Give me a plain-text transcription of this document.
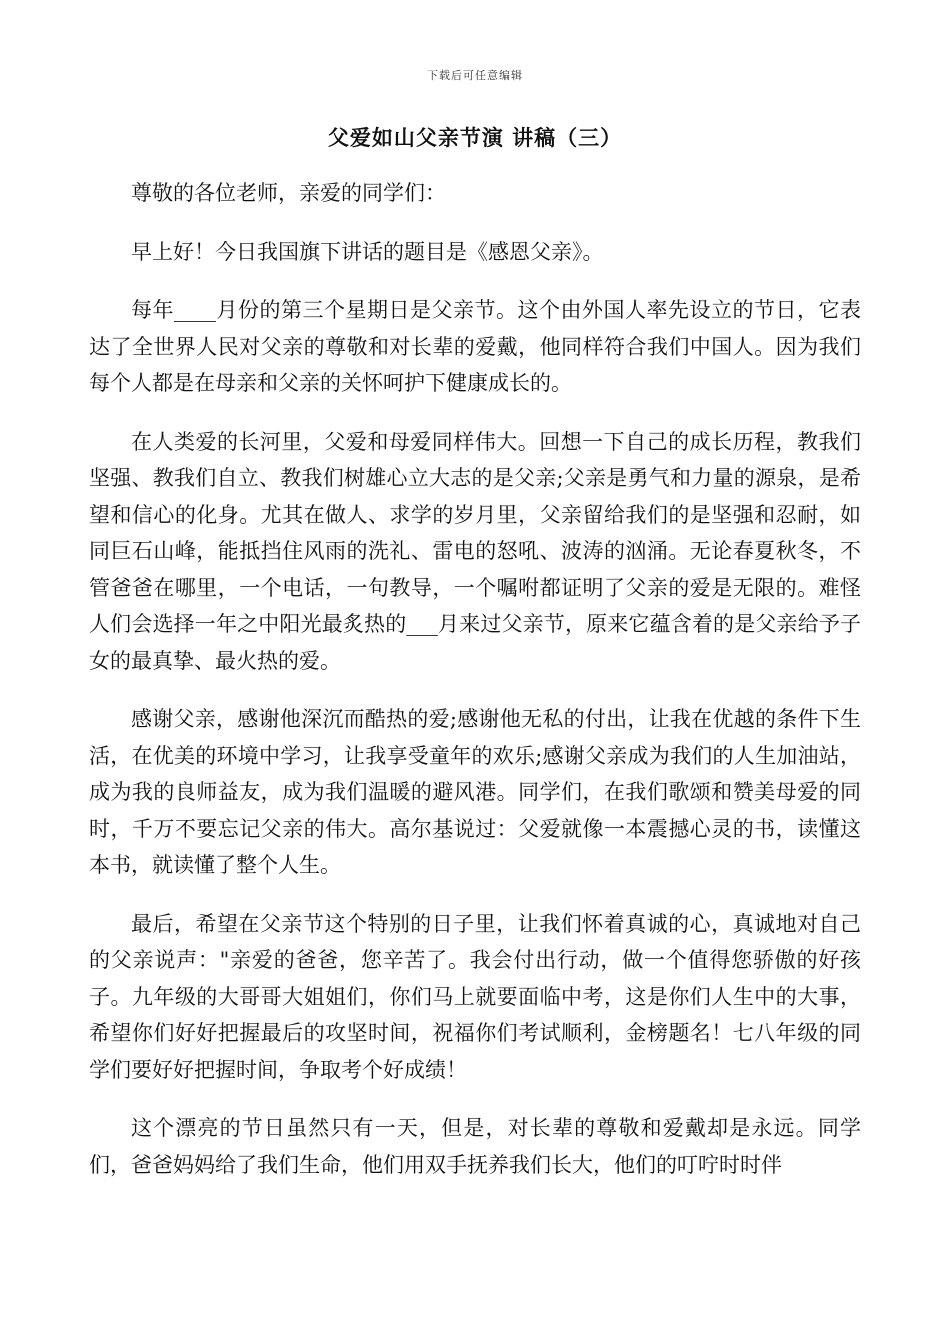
下载后可任意编辑
父爱如山父亲节演 讲稿（三）

尊敬的各位老师，亲爱的同学们：

早上好！今日我国旗下讲话的题目是《感恩父亲》。

每年____月份的第三个星期日是父亲节。这个由外国人率先设立的节日，它表达了全世界人民对父亲的尊敬和对长辈的爱戴，他同样符合我们中国人。因为我们每个人都是在母亲和父亲的关怀呵护下健康成长的。

在人类爱的长河里，父爱和母爱同样伟大。回想一下自己的成长历程，教我们坚强、教我们自立、教我们树雄心立大志的是父亲;父亲是勇气和力量的源泉，是希望和信心的化身。尤其在做人、求学的岁月里，父亲留给我们的是坚强和忍耐，如同巨石山峰，能抵挡住风雨的洗礼、雷电的怒吼、波涛的汹涌。无论春夏秋冬，不管爸爸在哪里，一个电话，一句教导，一个嘱咐都证明了父亲的爱是无限的。难怪人们会选择一年之中阳光最炙热的___月来过父亲节，原来它蕴含着的是父亲给予子女的最真挚、最火热的爱。

感谢父亲，感谢他深沉而酷热的爱;感谢他无私的付出，让我在优越的条件下生活，在优美的环境中学习，让我享受童年的欢乐;感谢父亲成为我们的人生加油站，成为我的良师益友，成为我们温暖的避风港。同学们，在我们歌颂和赞美母爱的同时，千万不要忘记父亲的伟大。高尔基说过：父爱就像一本震撼心灵的书，读懂这本书，就读懂了整个人生。

最后，希望在父亲节这个特别的日子里，让我们怀着真诚的心，真诚地对自己的父亲说声："亲爱的爸爸，您辛苦了。我会付出行动，做一个值得您骄傲的好孩子。九年级的大哥哥大姐姐们，你们马上就要面临中考，这是你们人生中的大事，希望你们好好把握最后的攻坚时间，祝福你们考试顺利，金榜题名！七八年级的同学们要好好把握时间，争取考个好成绩！

这个漂亮的节日虽然只有一天，但是，对长辈的尊敬和爱戴却是永远。同学们，爸爸妈妈给了我们生命，他们用双手抚养我们长大，他们的叮咛时时伴
